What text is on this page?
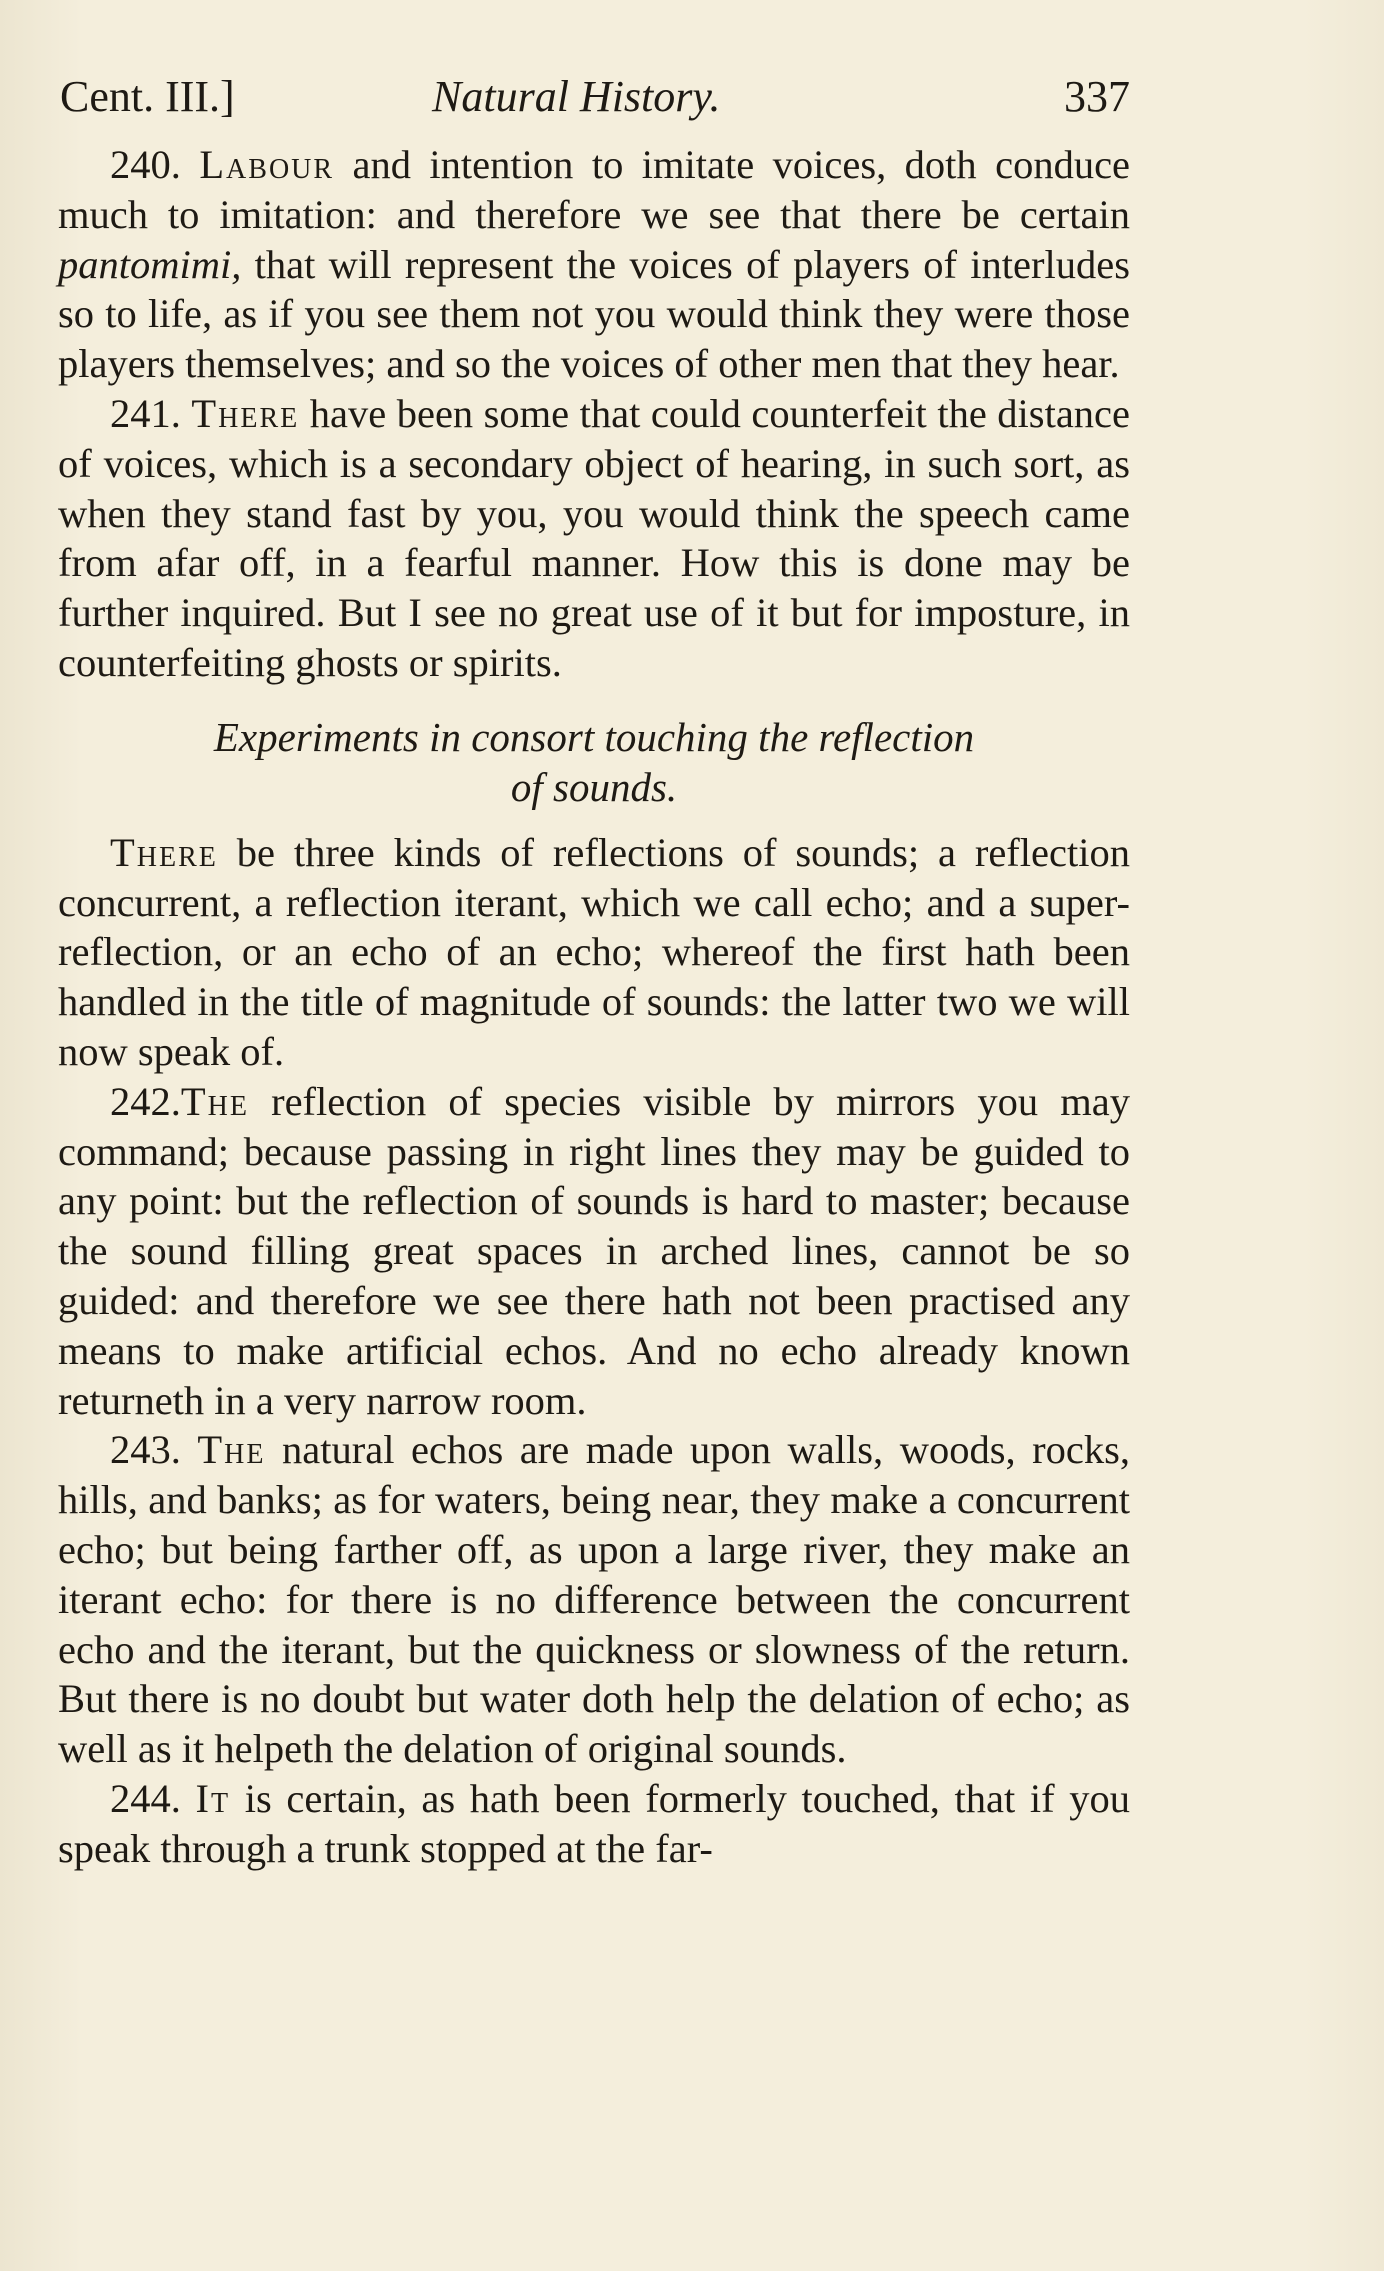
Cent. III.]	Natural History.	337

240. Labour and intention to imitate voices, doth conduce much to imitation: and therefore we see that there be certain pantomimi, that will represent the voices of players of interludes so to life, as if you see them not you would think they were those players themselves; and so the voices of other men that they hear.

241. There have been some that could counterfeit the distance of voices, which is a secondary object of hearing, in such sort, as when they stand fast by you, you would think the speech came from afar off, in a fearful manner. How this is done may be further inquired. But I see no great use of it but for imposture, in counterfeiting ghosts or spirits.

Experiments in consort touching the reflection
of sounds.

There be three kinds of reflections of sounds; a reflection concurrent, a reflection iterant, which we call echo; and a super-reflection, or an echo of an echo; whereof the first hath been handled in the title of magnitude of sounds: the latter two we will now speak of.

242.The reflection of species visible by mirrors you may command; because passing in right lines they may be guided to any point: but the reflection of sounds is hard to master; because the sound filling great spaces in arched lines, cannot be so guided: and therefore we see there hath not been practised any means to make artificial echos. And no echo already known returneth in a very narrow room.

243. The natural echos are made upon walls, woods, rocks, hills, and banks; as for waters, being near, they make a concurrent echo; but being farther off, as upon a large river, they make an iterant echo: for there is no difference between the concurrent echo and the iterant, but the quickness or slowness of the return. But there is no doubt but water doth help the delation of echo; as well as it helpeth the delation of original sounds.

244. It is certain, as hath been formerly touched, that if you speak through a trunk stopped at the far-
